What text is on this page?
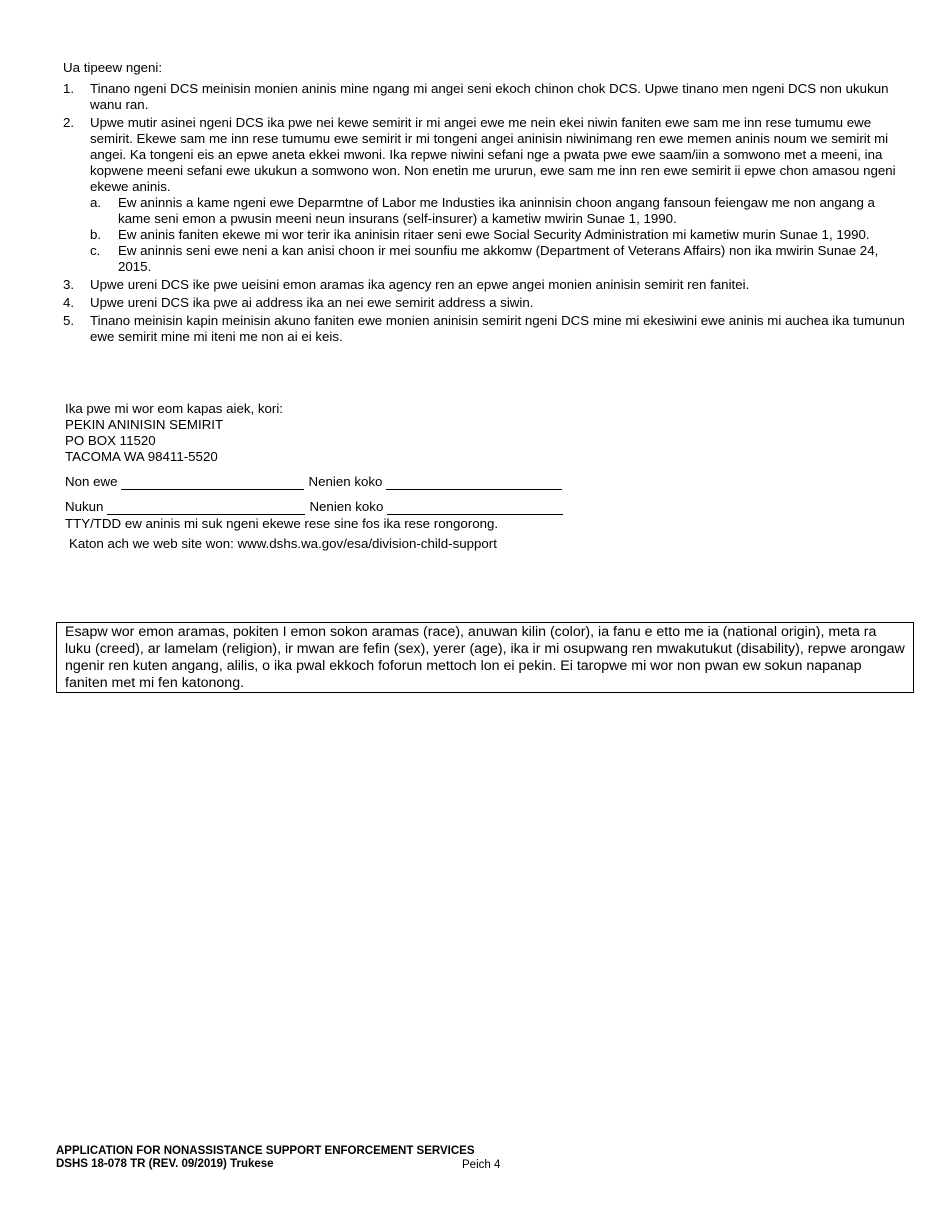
Ua tipeew ngeni:
1. Tinano ngeni DCS meinisin monien aninis mine ngang mi angei seni ekoch chinon chok DCS. Upwe tinano men ngeni DCS non ukukun wanu ran.
2. Upwe mutir asinei ngeni DCS ika pwe nei kewe semirit ir mi angei ewe me nein ekei niwin faniten ewe sam me inn rese tumumu ewe semirit. Ekewe sam me inn rese tumumu ewe semirit ir mi tongeni angei aninisin niwinimang ren ewe memen aninis noum we semirit mi angei. Ka tongeni eis an epwe aneta ekkei mwoni. Ika repwe niwini sefani nge a pwata pwe ewe saam/iin a somwono met a meeni, ina kopwene meeni sefani ewe ukukun a somwono won. Non enetin me ururun, ewe sam me inn ren ewe semirit ii epwe chon amasou ngeni ekewe aninis.
a. Ew aninnis a kame ngeni ewe Deparmtne of Labor me Industies ika aninnisin choon angang fansoun feiengaw me non angang a kame seni emon a pwusin meeni neun insurans (self-insurer) a kametiw mwirin Sunae 1, 1990.
b. Ew aninis faniten ekewe mi wor terir ika aninisin ritaer seni ewe Social Security Administration mi kametiw murin Sunae 1, 1990.
c. Ew aninnis seni ewe neni a kan anisi choon ir mei sounfiu me akkomw (Department of Veterans Affairs) non ika mwirin Sunae 24, 2015.
3. Upwe ureni DCS ike pwe ueisini emon aramas ika agency ren an epwe angei monien aninisin semirit ren fanitei.
4. Upwe ureni DCS ika pwe ai address ika an nei ewe semirit address a siwin.
5. Tinano meinisin kapin meinisin akuno faniten ewe monien aninisin semirit ngeni DCS mine mi ekesiwini ewe aninis mi auchea ika tumunun ewe semirit mine mi iteni me non ai ei keis.
Ika pwe mi wor eom kapas aiek, kori:
PEKIN ANINISIN SEMIRIT
PO BOX 11520
TACOMA WA 98411-5520
Non ewe	Nenien koko
Nukun	Nenien koko
TTY/TDD ew aninis mi suk ngeni ekewe rese sine fos ika rese rongorong.
Katon ach we web site won: www.dshs.wa.gov/esa/division-child-support
Esapw wor emon aramas, pokiten I emon sokon aramas (race), anuwan kilin (color), ia fanu e etto me ia (national origin), meta ra luku (creed), ar lamelam (religion), ir mwan are fefin (sex), yerer (age), ika ir mi osupwang ren mwakutukut (disability), repwe arongaw ngenir ren kuten angang, alilis, o ika pwal ekkoch foforun mettoch lon ei pekin. Ei taropwe mi wor non pwan ew sokun napanap faniten met mi fen katonong.
APPLICATION FOR NONASSISTANCE SUPPORT ENFORCEMENT SERVICES
DSHS 18-078 TR (REV. 09/2019) Trukese	Peich 4
